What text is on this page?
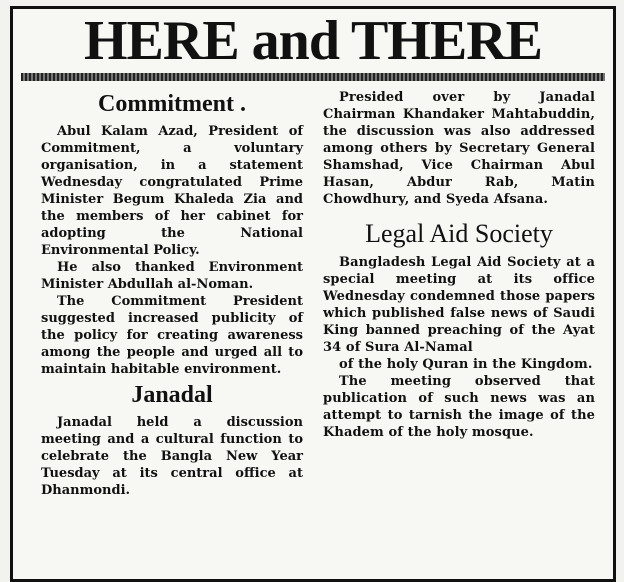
HERE and THERE
Commitment .

Abul Kalam Azad, President of Commitment, a voluntary organisation, in a statement Wednesday congratulated Prime Minister Begum Khaleda Zia and the members of her cabinet for adopting the National Environmental Policy.

He also thanked Environment Minister Abdullah al-Noman.

The Commitment President suggested increased publicity of the policy for creating awareness among the people and urged all to maintain habitable environment.

Janadal

Janadal held a discussion meeting and a cultural function to celebrate the Bangla New Year Tuesday at its central office at Dhanmondi.

Presided over by Janadal Chairman Khandaker Mahtabuddin, the discussion was also addressed among others by Secretary General Shamshad, Vice Chairman Abul Hasan, Abdur Rab, Matin Chowdhury, and Syeda Afsana.

Legal Aid Society

Bangladesh Legal Aid Society at a special meeting at its office Wednesday condemned those papers which published false news of Saudi King banned preaching of the Ayat 34 of Sura Al-Namal

of the holy Quran in the Kingdom.

The meeting observed that publication of such news was an attempt to tarnish the image of the Khadem of the holy mosque.
